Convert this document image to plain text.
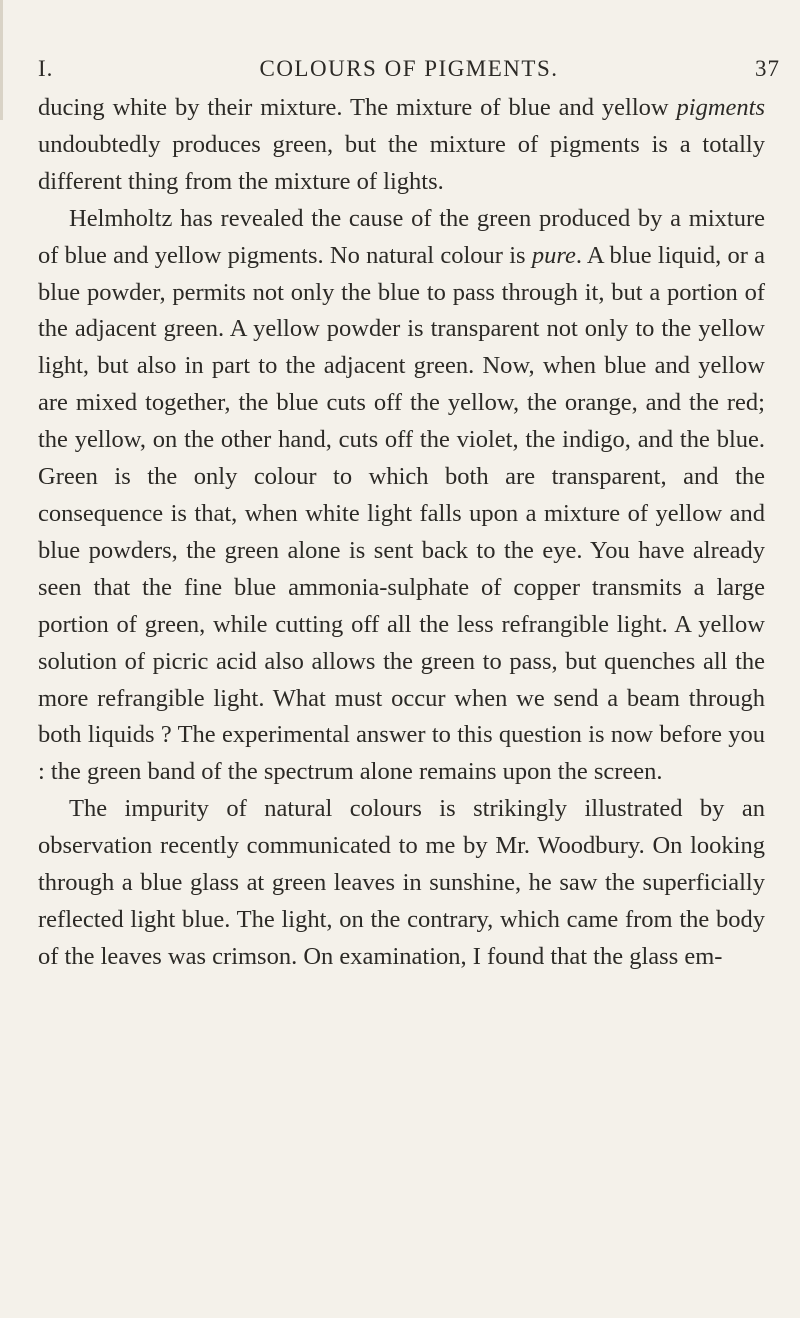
I.	COLOURS OF PIGMENTS.	37

ducing white by their mixture. The mixture of blue and yellow pigments undoubtedly produces green, but the mixture of pigments is a totally different thing from the mixture of lights.

Helmholtz has revealed the cause of the green produced by a mixture of blue and yellow pigments. No natural colour is pure. A blue liquid, or a blue powder, permits not only the blue to pass through it, but a portion of the adjacent green. A yellow powder is transparent not only to the yellow light, but also in part to the adjacent green. Now, when blue and yellow are mixed together, the blue cuts off the yellow, the orange, and the red; the yellow, on the other hand, cuts off the violet, the indigo, and the blue. Green is the only colour to which both are transparent, and the consequence is that, when white light falls upon a mixture of yellow and blue powders, the green alone is sent back to the eye. You have already seen that the fine blue ammonia-sulphate of copper transmits a large portion of green, while cutting off all the less refrangible light. A yellow solution of picric acid also allows the green to pass, but quenches all the more refrangible light. What must occur when we send a beam through both liquids ? The experimental answer to this question is now before you : the green band of the spectrum alone remains upon the screen.

The impurity of natural colours is strikingly illustrated by an observation recently communicated to me by Mr. Woodbury. On looking through a blue glass at green leaves in sunshine, he saw the superficially reflected light blue. The light, on the contrary, which came from the body of the leaves was crimson. On examination, I found that the glass em-
